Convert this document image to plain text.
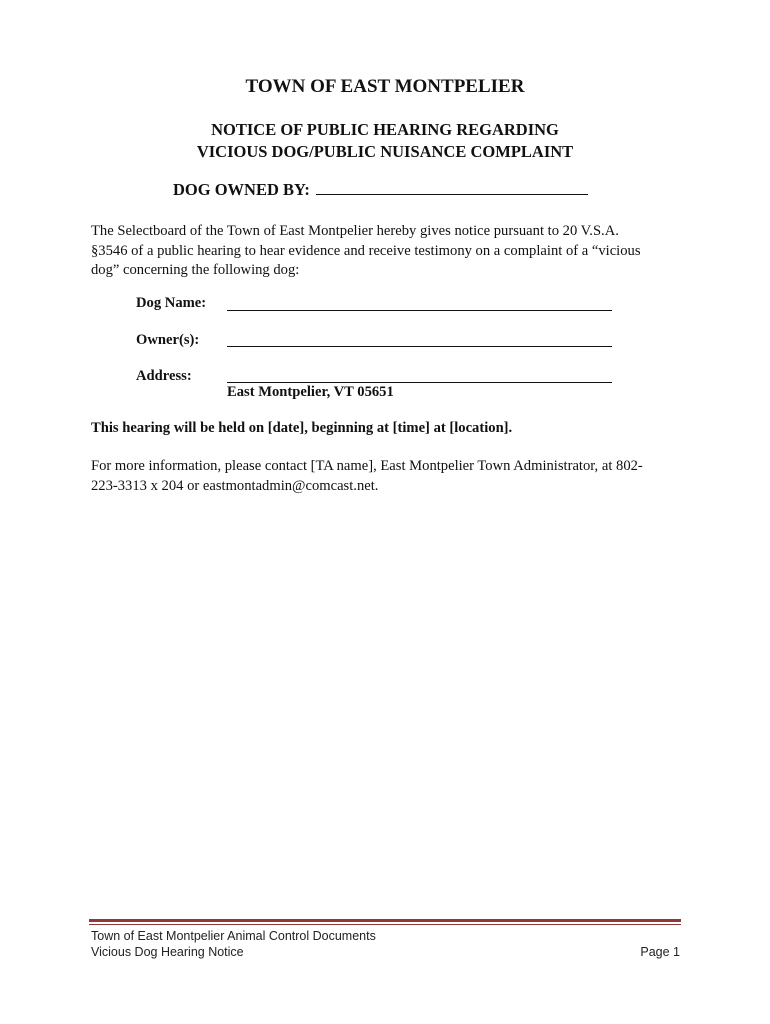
TOWN OF EAST MONTPELIER
NOTICE OF PUBLIC HEARING REGARDING
VICIOUS DOG/PUBLIC NUISANCE COMPLAINT
DOG OWNED BY:
The Selectboard of the Town of East Montpelier hereby gives notice pursuant to 20 V.S.A.
§3546 of a public hearing to hear evidence and receive testimony on a complaint of a “vicious
dog” concerning the following dog:
Dog Name:
Owner(s):
Address:
East Montpelier, VT 05651
This hearing will be held on [date], beginning at [time] at [location].
For more information, please contact [TA name], East Montpelier Town Administrator, at 802-
223-3313 x 204 or eastmontadmin@comcast.net.
Town of East Montpelier Animal Control Documents
Vicious Dog Hearing Notice	Page 1
